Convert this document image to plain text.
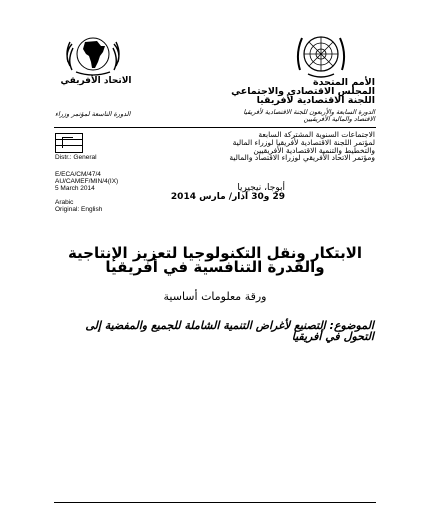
الاتحاد الأفريقي	الأمم المتحدة
المجلس الاقتصادي والاجتماعي
اللجنة الاقتصادية لأفريقيا
الدورة السابعة والأربعون للجنة الاقتصادية لأفريقيا
الاقتصاد والمالية الأفريقيين
الدورة التاسعة لمؤتمر وزراء
Distr.: General
E/ECA/CM/47/4
AU/CAMEF/MIN/4(IX)
5 March 2014
Arabic
Original: English
الاجتماعات السنوية المشتركة السابعة
لمؤتمر اللجنة الاقتصادية لأفريقيا لوزراء المالية
والتخطيط والتنمية الاقتصادية الأفريقيين
ومؤتمر الاتحاد الأفريقي لوزراء الاقتصاد والمالية
أبوجا، نيجيريا
29 و30 آذار/ مارس 2014
الابتكار ونقل التكنولوجيا لتعزيز الإنتاجية
والقدرة التنافسية في أفريقيا
ورقة معلومات أساسية
الموضوع: التصنيع لأغراض التنمية الشاملة للجميع والمفضية إلى التحول في أفريقيا
